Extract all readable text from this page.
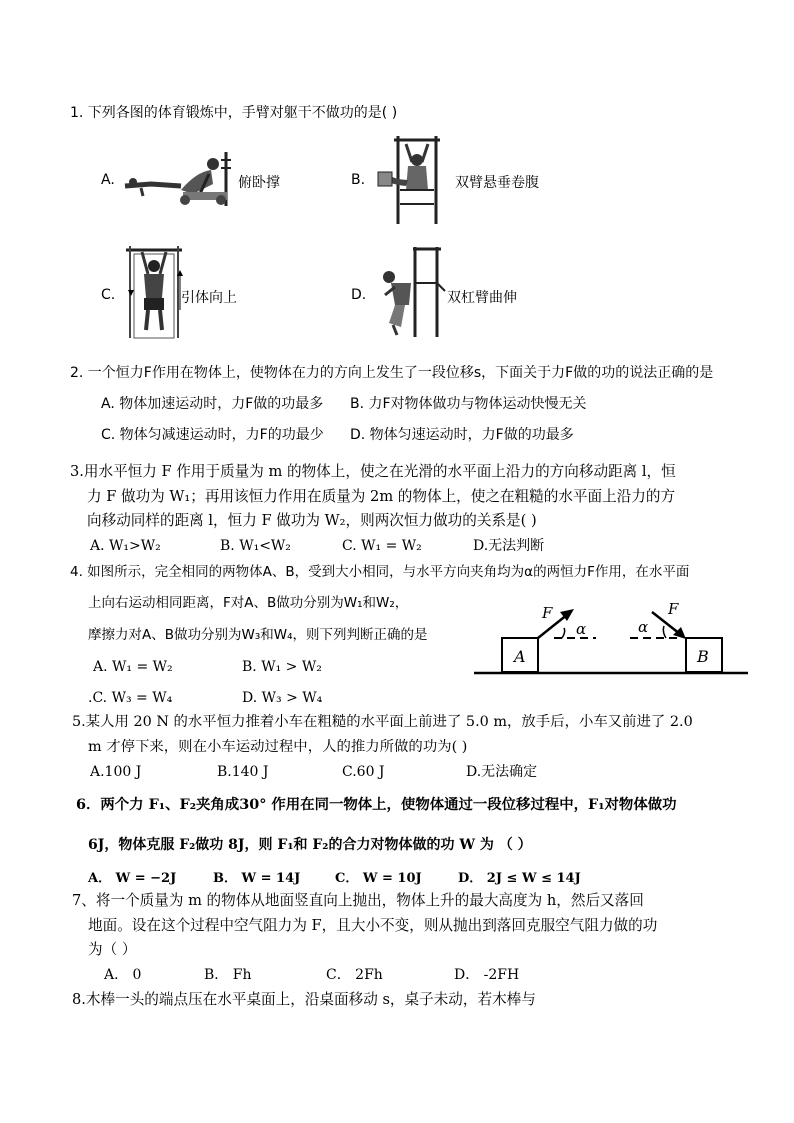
1. 下列各图的体育锻炼中，手臂对躯干不做功的是( )
A.	俯卧撑	B.	双臂悬垂卷腹
C.	引体向上	D.	双杠臂曲伸
2. 一个恒力F作用在物体上，使物体在力的方向上发生了一段位移s，下面关于力F做的功的说法正确的是
A. 物体加速运动时，力F做的功最多 B. 力F对物体做功与物体运动快慢无关
C. 物体匀减速运动时，力F的功最少 D. 物体匀速运动时，力F做的功最多
3.用水平恒力 F 作用于质量为 m 的物体上，使之在光滑的水平面上沿力的方向移动距离 l，恒
力 F 做功为 W₁；再用该恒力作用在质量为 2m 的物体上，使之在粗糙的水平面上沿力的方
向移动同样的距离 l，恒力 F 做功为 W₂，则两次恒力做功的关系是( )
A. W₁>W₂	B. W₁<W₂	C. W₁ = W₂	D.无法判断
4. 如图所示，完全相同的两物体A、B，受到大小相同，与水平方向夹角均为α的两恒力F作用，在水平面
上向右运动相同距离，F对A、B做功分别为W₁和W₂，
摩擦力对A、B做功分别为W₃和W₄，则下列判断正确的是
A. W₁ = W₂	B. W₁ > W₂
.C. W₃ = W₄	D. W₃ > W₄
A
F
α
B
F
α
5.某人用 20 N 的水平恒力推着小车在粗糙的水平面上前进了 5.0 m，放手后，小车又前进了 2.0
m 才停下来，则在小车运动过程中，人的推力所做的功为( )
A.100 J	B.140 J	C.60 J	D.无法确定
6．两个力 F₁、F₂夹角成30° 作用在同一物体上，使物体通过一段位移过程中，F₁对物体做功
6J，物体克服 F₂做功 8J，则 F₁和 F₂的合力对物体做的功 W 为 （ ）
A． W = −2J	B． W = 14J	C． W = 10J	D． 2J ≤ W ≤ 14J
7、将一个质量为 m 的物体从地面竖直向上抛出，物体上升的最大高度为 h，然后又落回
地面。设在这个过程中空气阻力为 F，且大小不变，则从抛出到落回克服空气阻力做的功
为（ ）
A． 0	B． Fh	C． 2Fh	D． -2FH
8.木棒一头的端点压在水平桌面上，沿桌面移动 s，桌子未动，若木棒与
